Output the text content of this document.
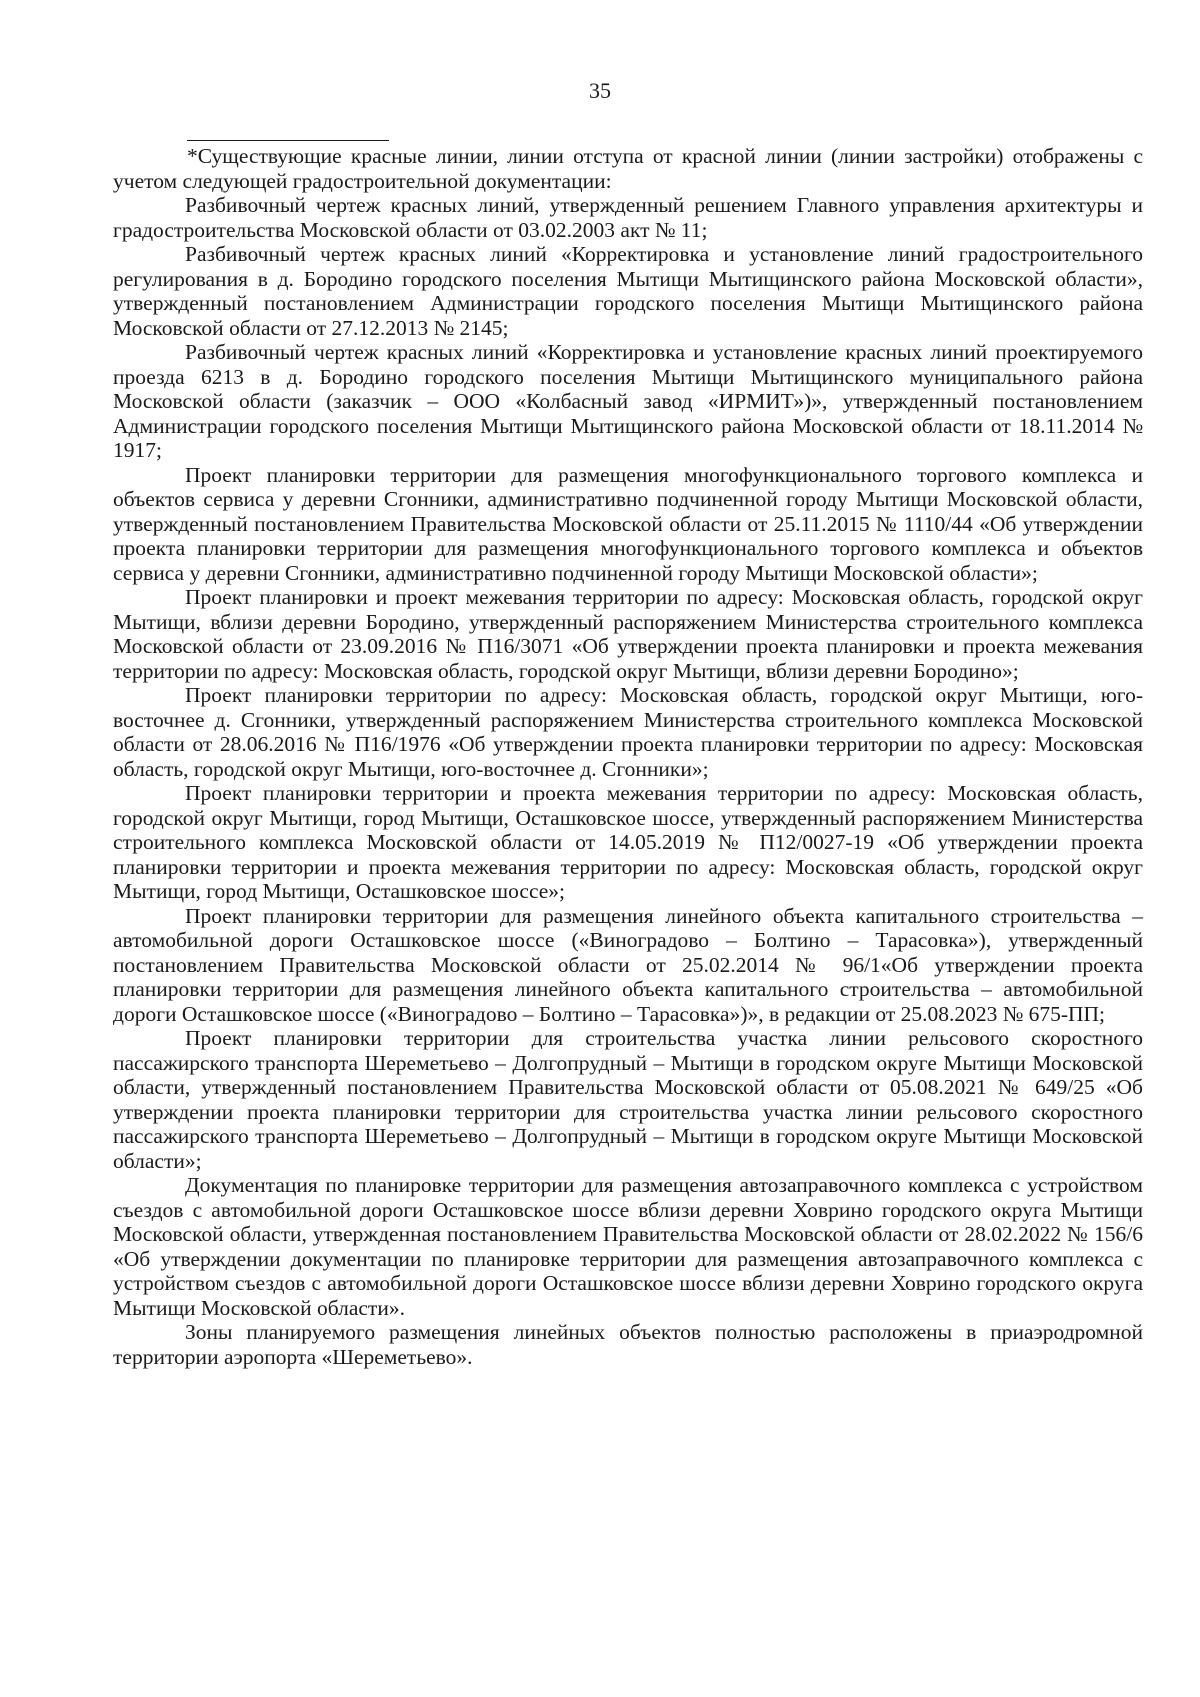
35

*Существующие красные линии, линии отступа от красной линии (линии застройки) отображены с учетом следующей градостроительной документации:

Разбивочный чертеж красных линий, утвержденный решением Главного управления архитектуры и градостроительства Московской области от 03.02.2003 акт № 11;

Разбивочный чертеж красных линий «Корректировка и установление линий градостроительного регулирования в д. Бородино городского поселения Мытищи Мытищинского района Московской области», утвержденный постановлением Администрации городского поселения Мытищи Мытищинского района Московской области от 27.12.2013 № 2145;

Разбивочный чертеж красных линий «Корректировка и установление красных линий проектируемого проезда 6213 в д. Бородино городского поселения Мытищи Мытищинского муниципального района Московской области (заказчик – ООО «Колбасный завод «ИРМИТ»)», утвержденный постановлением Администрации городского поселения Мытищи Мытищинского района Московской области от 18.11.2014 № 1917;

Проект планировки территории для размещения многофункционального торгового комплекса и объектов сервиса у деревни Сгонники, административно подчиненной городу Мытищи Московской области, утвержденный постановлением Правительства Московской области от 25.11.2015 № 1110/44 «Об утверждении проекта планировки территории для размещения многофункционального торгового комплекса и объектов сервиса у деревни Сгонники, административно подчиненной городу Мытищи Московской области»;

Проект планировки и проект межевания территории по адресу: Московская область, городской округ Мытищи, вблизи деревни Бородино, утвержденный распоряжением Министерства строительного комплекса Московской области от 23.09.2016 № П16/3071 «Об утверждении проекта планировки и проекта межевания территории по адресу: Московская область, городской округ Мытищи, вблизи деревни Бородино»;

Проект планировки территории по адресу: Московская область, городской округ Мытищи, юго-восточнее д. Сгонники, утвержденный распоряжением Министерства строительного комплекса Московской области от 28.06.2016 № П16/1976 «Об утверждении проекта планировки территории по адресу: Московская область, городской округ Мытищи, юго-восточнее д. Сгонники»;

Проект планировки территории и проекта межевания территории по адресу: Московская область, городской округ Мытищи, город Мытищи, Осташковское шоссе, утвержденный распоряжением Министерства строительного комплекса Московской области от 14.05.2019 № П12/0027-19 «Об утверждении проекта планировки территории и проекта межевания территории по адресу: Московская область, городской округ Мытищи, город Мытищи, Осташковское шоссе»;

Проект планировки территории для размещения линейного объекта капитального строительства – автомобильной дороги Осташковское шоссе («Виноградово – Болтино – Тарасовка»), утвержденный постановлением Правительства Московской области от 25.02.2014 № 96/1«Об утверждении проекта планировки территории для размещения линейного объекта капитального строительства – автомобильной дороги Осташковское шоссе («Виноградово – Болтино – Тарасовка»)», в редакции от 25.08.2023 № 675-ПП;

Проект планировки территории для строительства участка линии рельсового скоростного пассажирского транспорта Шереметьево – Долгопрудный – Мытищи в городском округе Мытищи Московской области, утвержденный постановлением Правительства Московской области от 05.08.2021 № 649/25 «Об утверждении проекта планировки территории для строительства участка линии рельсового скоростного пассажирского транспорта Шереметьево – Долгопрудный – Мытищи в городском округе Мытищи Московской области»;

Документация по планировке территории для размещения автозаправочного комплекса с устройством съездов с автомобильной дороги Осташковское шоссе вблизи деревни Ховрино городского округа Мытищи Московской области, утвержденная постановлением Правительства Московской области от 28.02.2022 № 156/6 «Об утверждении документации по планировке территории для размещения автозаправочного комплекса с устройством съездов с автомобильной дороги Осташковское шоссе вблизи деревни Ховрино городского округа Мытищи Московской области».

Зоны планируемого размещения линейных объектов полностью расположены в приаэродромной территории аэропорта «Шереметьево».
